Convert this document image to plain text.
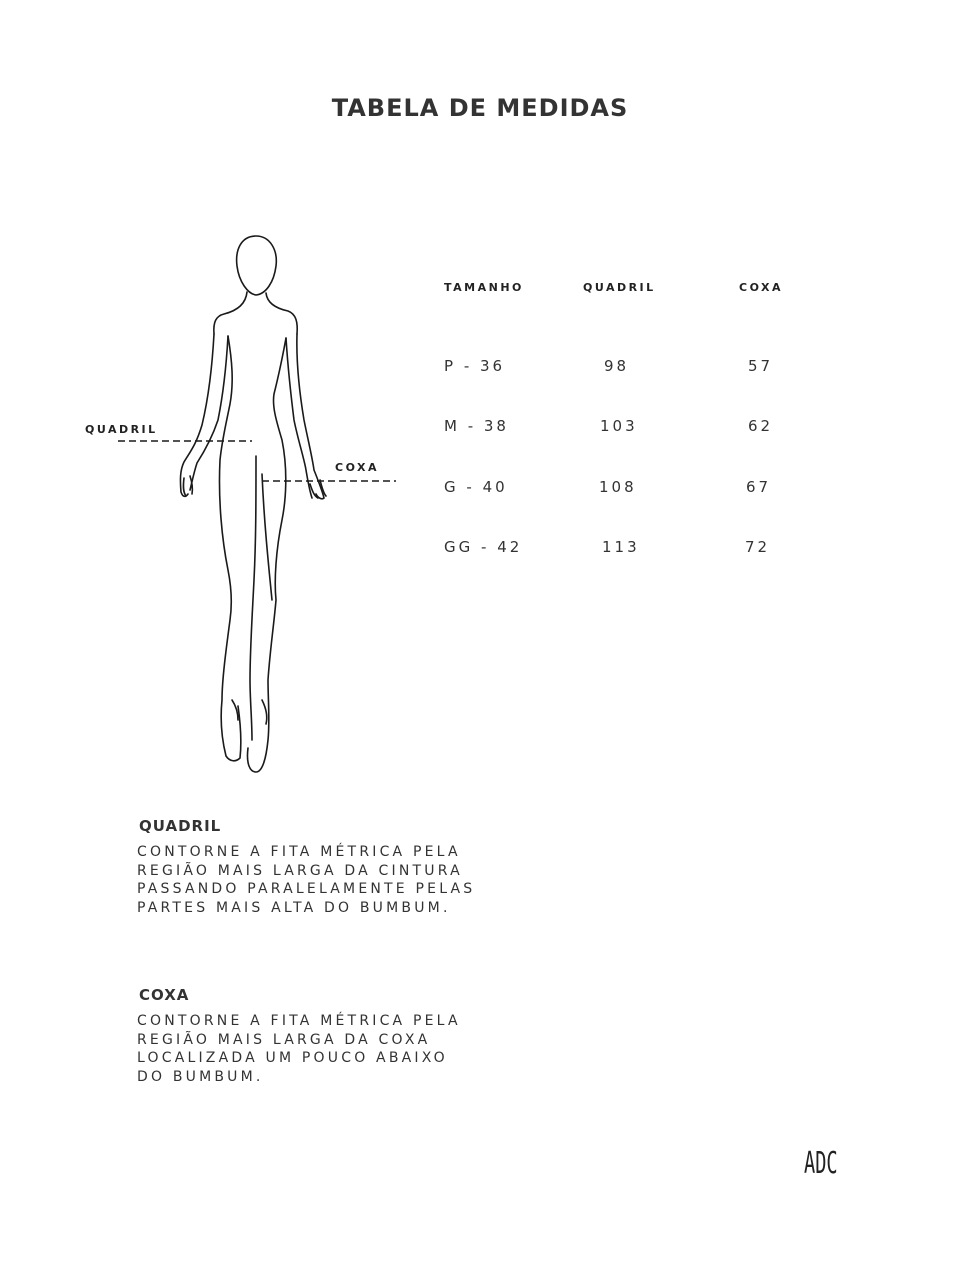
TABELA DE MEDIDAS
QUADRIL
COXA
TAMANHO	QUADRIL	COXA
P - 36	98	57
M - 38	103	62
G - 40	108	67
GG - 42	113	72
QUADRIL
CONTORNE A FITA MÉTRICA PELA
REGIÃO MAIS LARGA DA CINTURA
PASSANDO PARALELAMENTE PELAS
PARTES MAIS ALTA DO BUMBUM.
COXA
CONTORNE A FITA MÉTRICA PELA
REGIÃO MAIS LARGA DA COXA
LOCALIZADA UM POUCO ABAIXO
DO BUMBUM.
ADC
